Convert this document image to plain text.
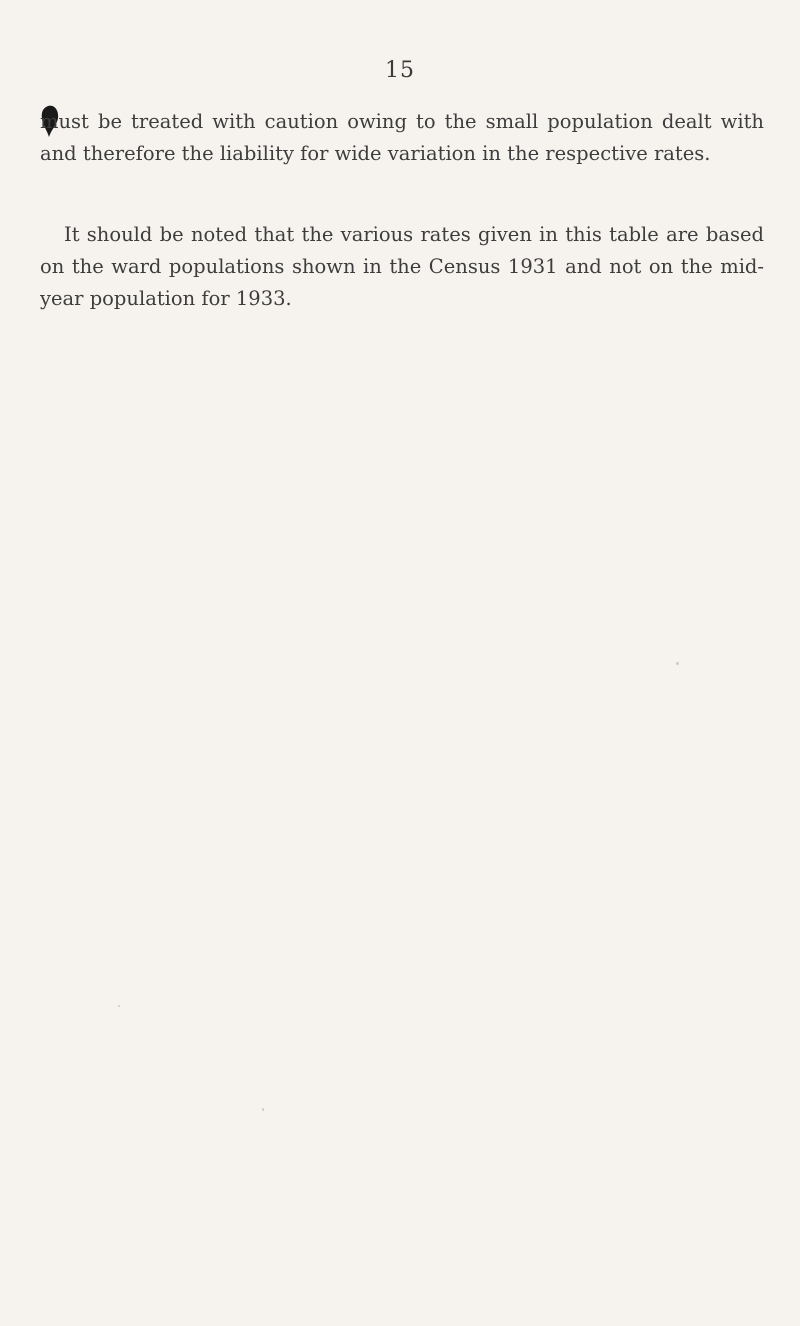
15

must be treated with caution owing to the small population dealt with and therefore the liability for wide variation in the respective rates.

It should be noted that the various rates given in this table are based on the ward populations shown in the Census 1931 and not on the mid-year population for 1933.
